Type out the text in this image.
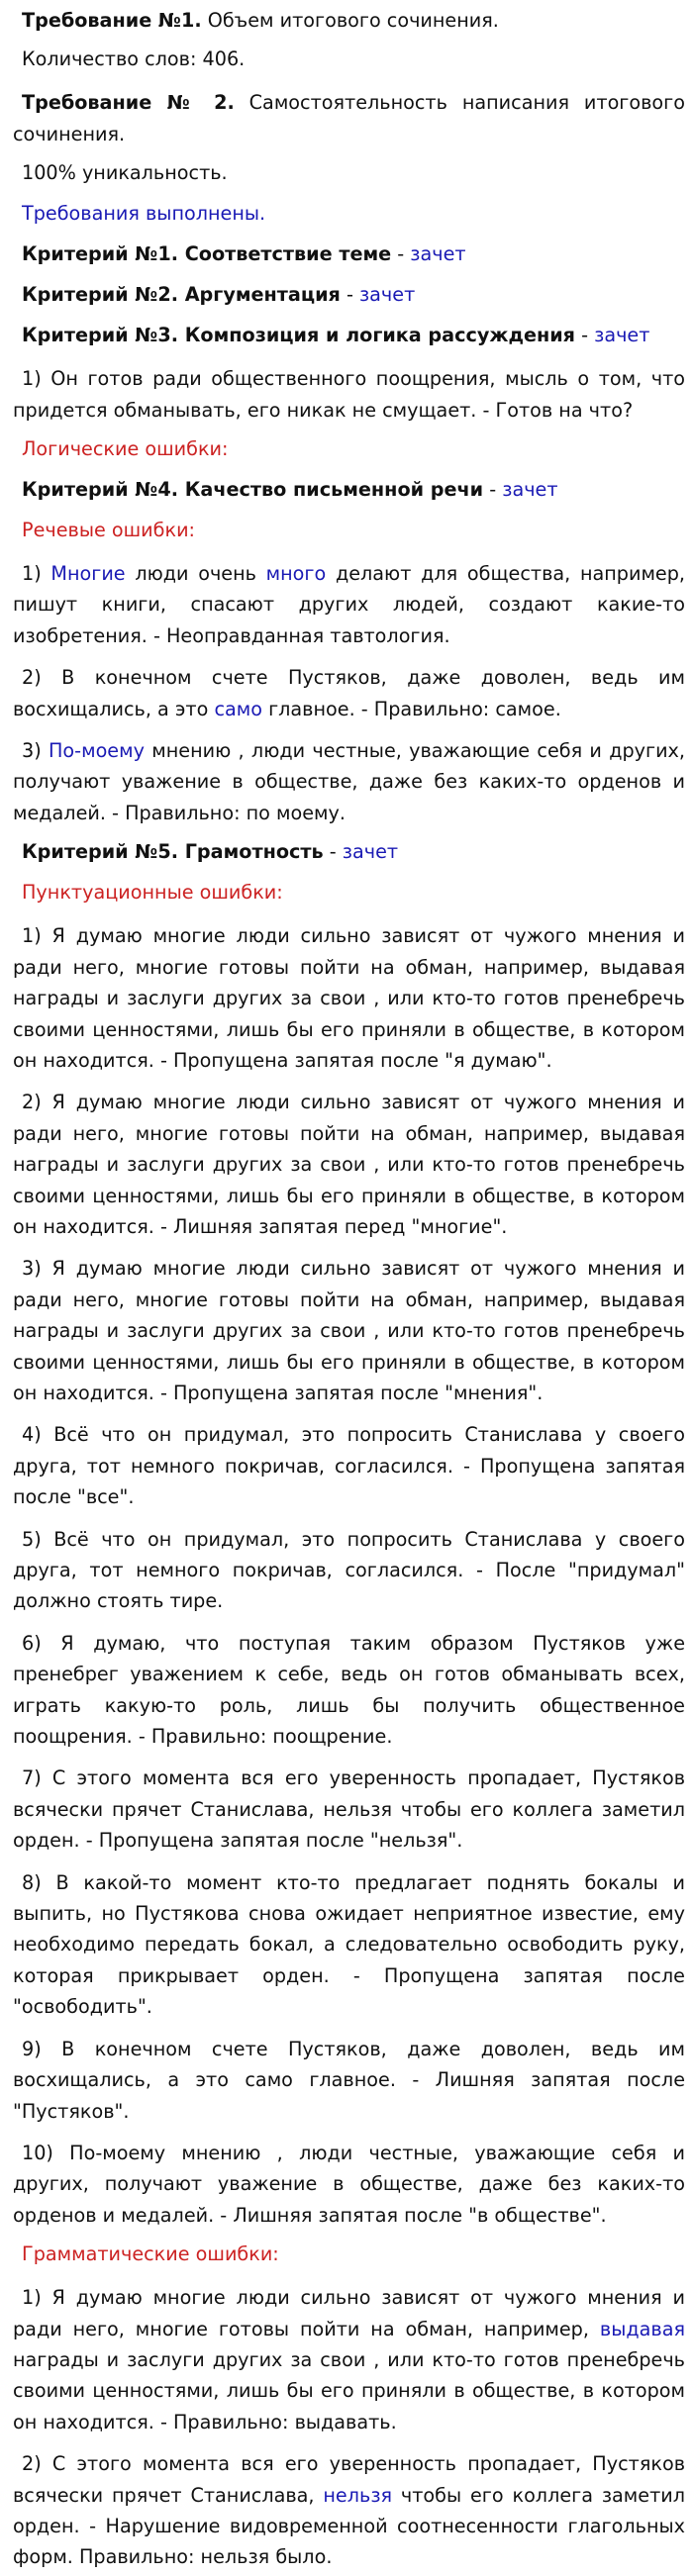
Требование №1. Объем итогового сочинения.

Количество слов: 406.

Требование № 2. Самостоятельность написания итогового сочинения.

100% уникальность.

Требования выполнены.

Критерий №1. Соответствие теме - зачет

Критерий №2. Аргументация - зачет

Критерий №3. Композиция и логика рассуждения - зачет

1) Он готов ради общественного поощрения, мысль о том, что придется обманывать, его никак не смущает. - Готов на что?

Логические ошибки:

Критерий №4. Качество письменной речи - зачет

Речевые ошибки:

1) Многие люди очень много делают для общества, например, пишут книги, спасают других людей, создают какие-то изобретения. - Неоправданная тавтология.

2) В конечном счете Пустяков, даже доволен, ведь им восхищались, а это само главное. - Правильно: самое.

3) По-моему мнению , люди честные, уважающие себя и других, получают уважение в обществе, даже без каких-то орденов и медалей. - Правильно: по моему.

Критерий №5. Грамотность - зачет

Пунктуационные ошибки:

1) Я думаю многие люди сильно зависят от чужого мнения и ради него, многие готовы пойти на обман, например, выдавая награды и заслуги других за свои , или кто-то готов пренебречь своими ценностями, лишь бы его приняли в обществе, в котором он находится. - Пропущена запятая после "я думаю".

2) Я думаю многие люди сильно зависят от чужого мнения и ради него, многие готовы пойти на обман, например, выдавая награды и заслуги других за свои , или кто-то готов пренебречь своими ценностями, лишь бы его приняли в обществе, в котором он находится. - Лишняя запятая перед "многие".

3) Я думаю многие люди сильно зависят от чужого мнения и ради него, многие готовы пойти на обман, например, выдавая награды и заслуги других за свои , или кто-то готов пренебречь своими ценностями, лишь бы его приняли в обществе, в котором он находится. - Пропущена запятая после "мнения".

4) Всё что он придумал, это попросить Станислава у своего друга, тот немного покричав, согласился. - Пропущена запятая после "все".

5) Всё что он придумал, это попросить Станислава у своего друга, тот немного покричав, согласился. - После "придумал" должно стоять тире.

6) Я думаю, что поступая таким образом Пустяков уже пренебрег уважением к себе, ведь он готов обманывать всех, играть какую-то роль, лишь бы получить общественное поощрения. - Правильно: поощрение.

7) С этого момента вся его уверенность пропадает, Пустяков всячески прячет Станислава, нельзя чтобы его коллега заметил орден. - Пропущена запятая после "нельзя".

8) В какой-то момент кто-то предлагает поднять бокалы и выпить, но Пустякова снова ожидает неприятное известие, ему необходимо передать бокал, а следовательно освободить руку, которая прикрывает орден. - Пропущена запятая после "освободить".

9) В конечном счете Пустяков, даже доволен, ведь им восхищались, а это само главное. - Лишняя запятая после "Пустяков".

10) По-моему мнению , люди честные, уважающие себя и других, получают уважение в обществе, даже без каких-то орденов и медалей. - Лишняя запятая после "в обществе".

Грамматические ошибки:

1) Я думаю многие люди сильно зависят от чужого мнения и ради него, многие готовы пойти на обман, например, выдавая награды и заслуги других за свои , или кто-то готов пренебречь своими ценностями, лишь бы его приняли в обществе, в котором он находится. - Правильно: выдавать.

2) С этого момента вся его уверенность пропадает, Пустяков всячески прячет Станислава, нельзя чтобы его коллега заметил орден. - Нарушение видовременной соотнесенности глагольных форм. Правильно: нельзя было.
